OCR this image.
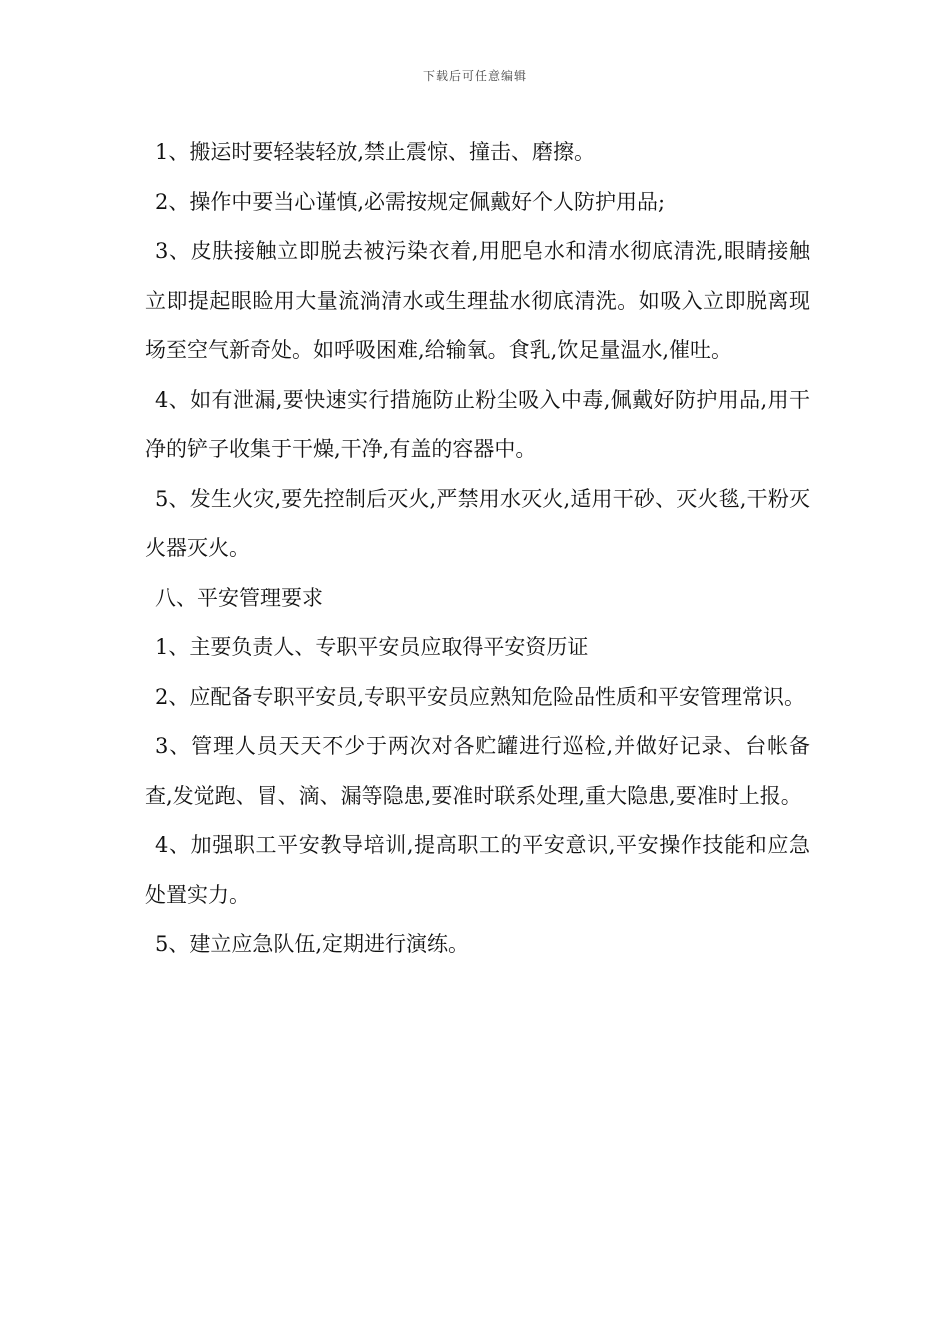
下载后可任意编辑

1、搬运时要轻装轻放,禁止震惊、撞击、磨擦。

2、操作中要当心谨慎,必需按规定佩戴好个人防护用品;

3、皮肤接触立即脱去被污染衣着,用肥皂水和清水彻底清洗,眼睛接触立即提起眼睑用大量流淌清水或生理盐水彻底清洗。如吸入立即脱离现场至空气新奇处。如呼吸困难,给输氧。食乳,饮足量温水,催吐。

4、如有泄漏,要快速实行措施防止粉尘吸入中毒,佩戴好防护用品,用干净的铲子收集于干燥,干净,有盖的容器中。

5、发生火灾,要先控制后灭火,严禁用水灭火,适用干砂、灭火毯,干粉灭火器灭火。

八、平安管理要求

1、主要负责人、专职平安员应取得平安资历证

2、应配备专职平安员,专职平安员应熟知危险品性质和平安管理常识。

3、管理人员天天不少于两次对各贮罐进行巡检,并做好记录、台帐备查,发觉跑、冒、滴、漏等隐患,要准时联系处理,重大隐患,要准时上报。

4、加强职工平安教导培训,提高职工的平安意识,平安操作技能和应急处置实力。

5、建立应急队伍,定期进行演练。
